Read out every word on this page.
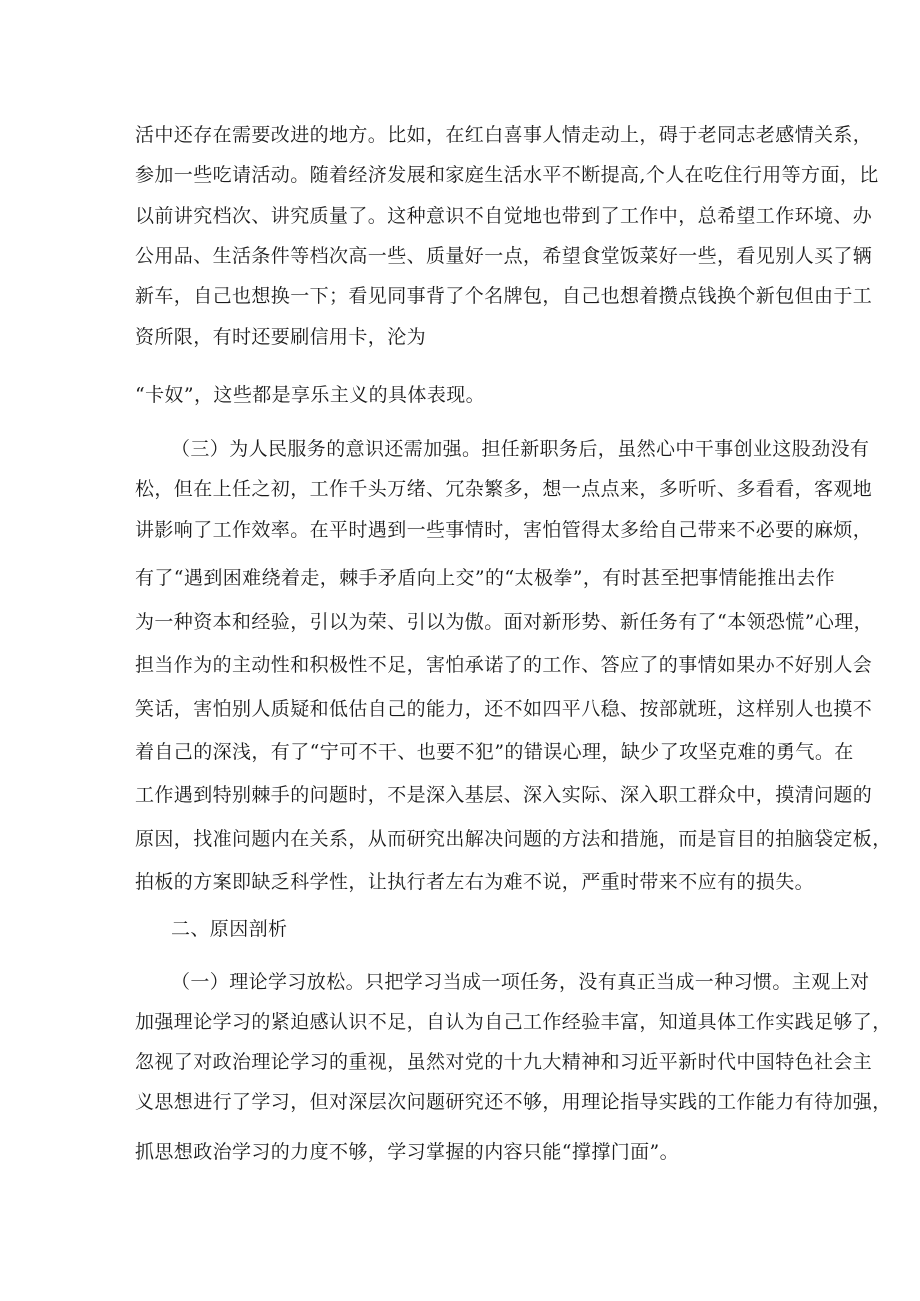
活中还存在需要改进的地方。比如，在红白喜事人情走动上，碍于老同志老感情关系，
参加一些吃请活动。随着经济发展和家庭生活水平不断提高,个人在吃住行用等方面，比
以前讲究档次、讲究质量了。这种意识不自觉地也带到了工作中，总希望工作环境、办
公用品、生活条件等档次高一些、质量好一点，希望食堂饭菜好一些，看见别人买了辆
新车，自己也想换一下；看见同事背了个名牌包，自己也想着攒点钱换个新包但由于工
资所限，有时还要刷信用卡，沦为
“卡奴”，这些都是享乐主义的具体表现。
（三）为人民服务的意识还需加强。担任新职务后，虽然心中干事创业这股劲没有
松，但在上任之初，工作千头万绪、冗杂繁多，想一点点来，多听听、多看看，客观地
讲影响了工作效率。在平时遇到一些事情时，害怕管得太多给自己带来不必要的麻烦，
有了“遇到困难绕着走，棘手矛盾向上交”的“太极拳”，有时甚至把事情能推出去作
为一种资本和经验，引以为荣、引以为傲。面对新形势、新任务有了“本领恐慌”心理，
担当作为的主动性和积极性不足，害怕承诺了的工作、答应了的事情如果办不好别人会
笑话，害怕别人质疑和低估自己的能力，还不如四平八稳、按部就班，这样别人也摸不
着自己的深浅，有了“宁可不干、也要不犯”的错误心理，缺少了攻坚克难的勇气。在
工作遇到特别棘手的问题时，不是深入基层、深入实际、深入职工群众中，摸清问题的
原因，找准问题内在关系，从而研究出解决问题的方法和措施，而是盲目的拍脑袋定板，
拍板的方案即缺乏科学性，让执行者左右为难不说，严重时带来不应有的损失。
二、原因剖析
（一）理论学习放松。只把学习当成一项任务，没有真正当成一种习惯。主观上对
加强理论学习的紧迫感认识不足，自认为自己工作经验丰富，知道具体工作实践足够了，
忽视了对政治理论学习的重视，虽然对党的十九大精神和习近平新时代中国特色社会主
义思想进行了学习，但对深层次问题研究还不够，用理论指导实践的工作能力有待加强，
抓思想政治学习的力度不够，学习掌握的内容只能“撑撑门面”。
